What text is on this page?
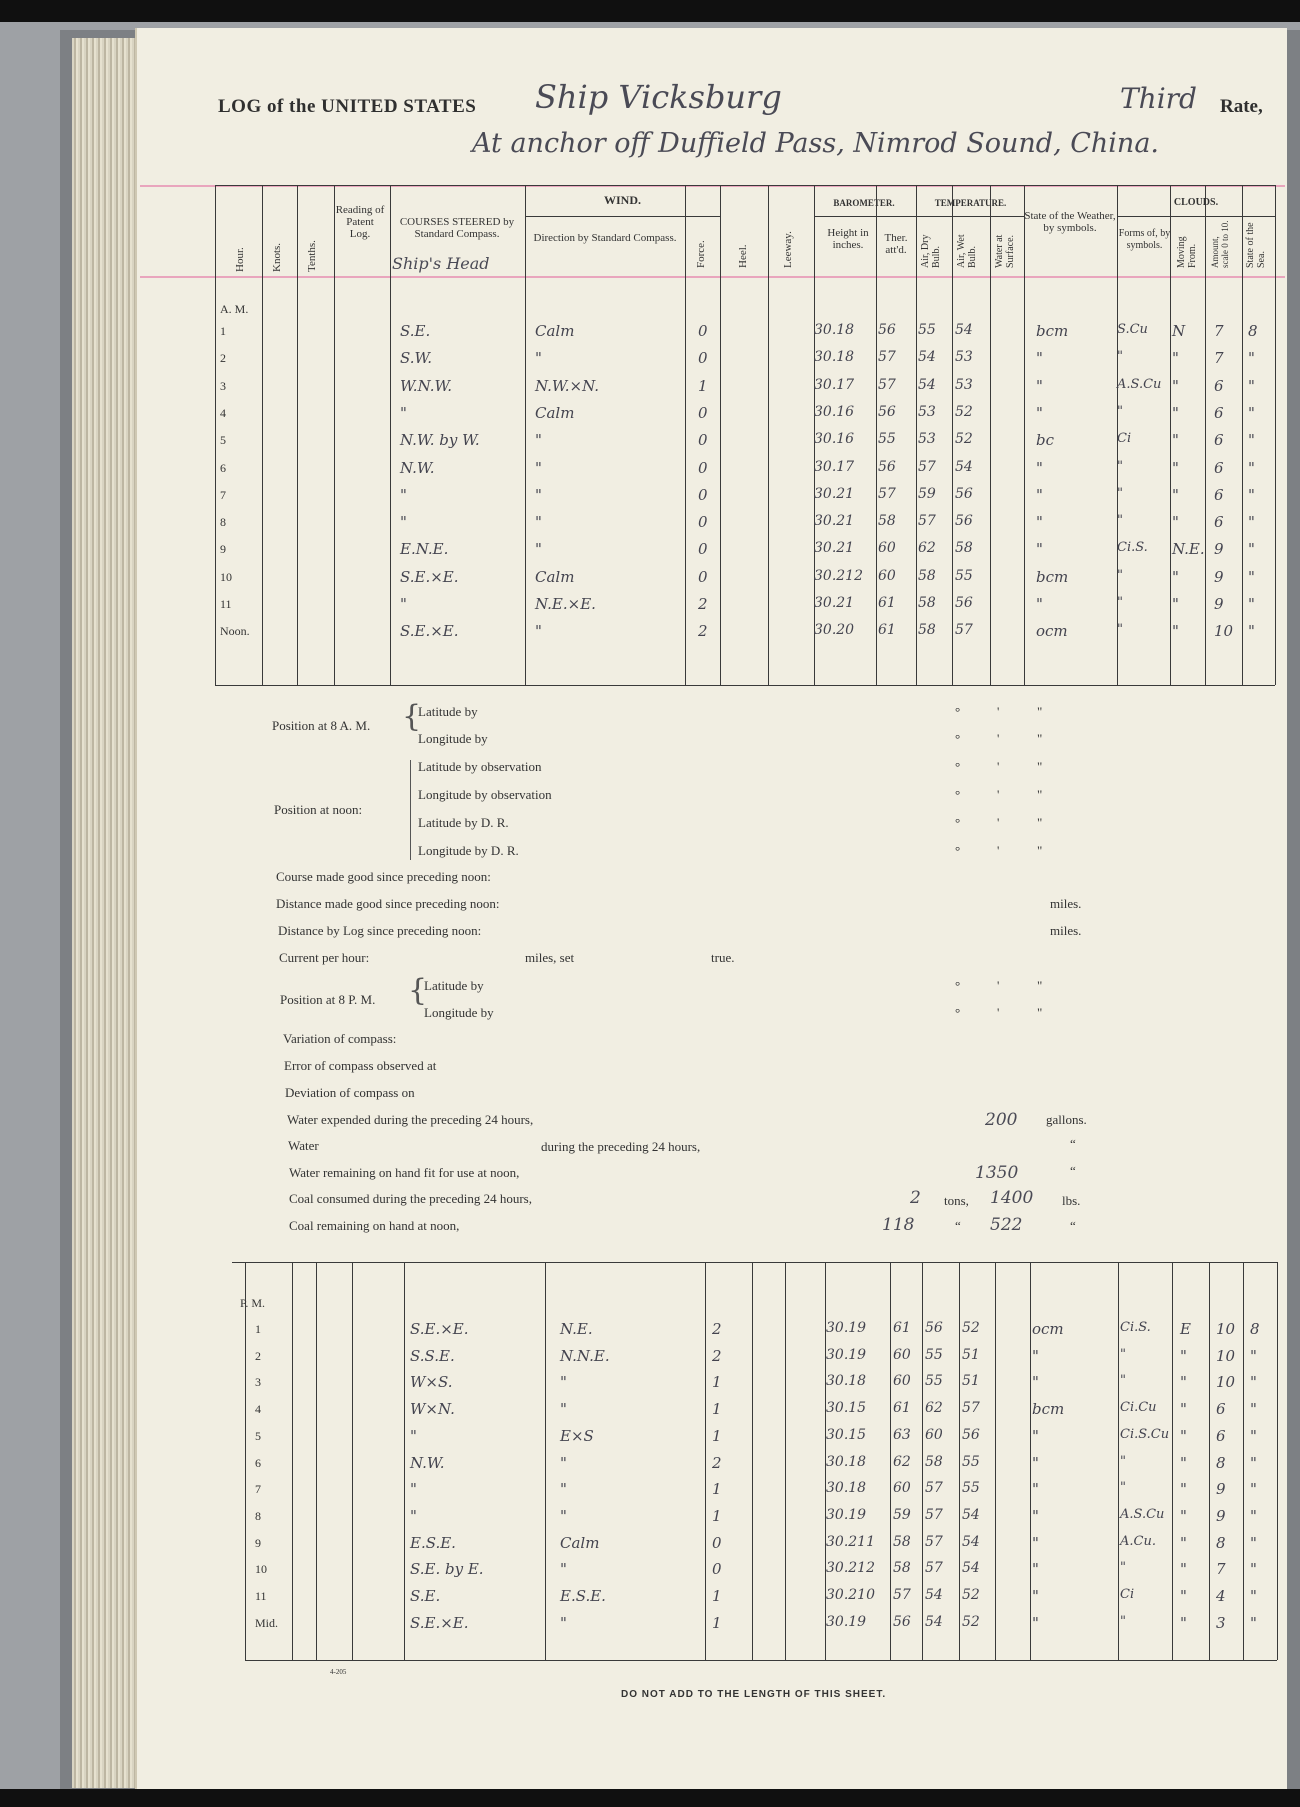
LOG of the UNITED STATES Ship Vicksburg	Third Rate,
At anchor off Duffield Pass, Nimrod Sound, China.
Hour. Knots. Tenths.
Reading of Patent Log.
COURSES STEERED by Standard Compass.
Ship's Head
WIND.
Direction by Standard Compass.
Force.	Heel.	Leeway.
BAROMETER.
Height in inches.
Ther. att'd.
TEMPERATURE.
Air, Dry Bulb. Air, Wet Bulb. Water at Surface.
State of the Weather, by symbols.
CLOUDS.
Forms of, by symbols.	Moving From. Amount, scale 0 to 10. State of the Sea.
A. M.
1	S.E.	Calm	0	30.18 56 55 54	bcm	S.Cu N 7 8
2	S.W.	"	0	30.18 57 54 53	"	"	" 7 "
3	W.N.W.	N.W.×N.	1	30.17 57 54 53	"	A.S.Cu " 6 "
4	"	Calm	0	30.16 56 53 52	"	"	" 6 "
5	N.W. by W.	"	0	30.16 55 53 52	bc	Ci	" 6 "
6	N.W.	"	0	30.17 56 57 54	"	"	" 6 "
7	"	"	0	30.21 57 59 56	"	"	" 6 "
8	"	"	0	30.21 58 57 56	"	"	" 6 "
9	E.N.E.	"	0	30.21 60 62 58	"	Ci.S. N.E. 9 "
10	S.E.×E.	Calm	0	30.212 60 58 55	bcm	"	" 9 "
11	"	N.E.×E.	2	30.21 61 58 56	"	"	" 9 "
Noon.	S.E.×E.	"	2	30.20 61 58 57	ocm	"	" 10 "
Position at 8 A. M. {
Latitude by
Longitude by
Position at noon:
Latitude by observation
Longitude by observation
Latitude by D. R.
Longitude by D. R.
°	'	"
°	'	"
°	'	"
°	'	"
°	'	"
°	'	"
°	'	"
°	'	"
Course made good since preceding noon:
Distance made good since preceding noon:	miles.
Distance by Log since preceding noon:	miles.
Current per hour:	miles, set	true.
Position at 8 P. M. {
Latitude by
Longitude by
Variation of compass:
Error of compass observed at
Deviation of compass on
Water expended during the preceding 24 hours,	200 gallons.
Water	during the preceding 24 hours,	“
Water remaining on hand fit for use at noon,	1350	“
Coal consumed during the preceding 24 hours,	2 tons, 1400 lbs.
Coal remaining on hand at noon,	118	“ 522	“
P. M.
1	S.E.×E.	N.E.	2	30.19 61 56 52	ocm	Ci.S. E 10 8
2	S.S.E.	N.N.E.	2	30.19 60 55 51	"	"	" 10 "
3	W×S.	"	1	30.18 60 55 51	"	"	" 10 "
4	W×N.	"	1	30.15 61 62 57	bcm	Ci.Cu " 6 "
5	"	E×S	1	30.15 63 60 56	"	Ci.S.Cu " 6 "
6	N.W.	"	2	30.18 62 58 55	"	"	" 8 "
7	"	"	1	30.18 60 57 55	"	"	" 9 "
8	"	"	1	30.19 59 57 54	"	A.S.Cu " 9 "
9	E.S.E.	Calm	0	30.211 58 57 54	"	A.Cu. " 8 "
10	S.E. by E.	"	0	30.212 58 57 54	"	"	" 7 "
11	S.E.	E.S.E.	1	30.210 57 54 52	"	Ci	" 4 "
Mid.	S.E.×E.	"	1	30.19 56 54 52	"	"	" 3 "
4-205
DO NOT ADD TO THE LENGTH OF THIS SHEET.
